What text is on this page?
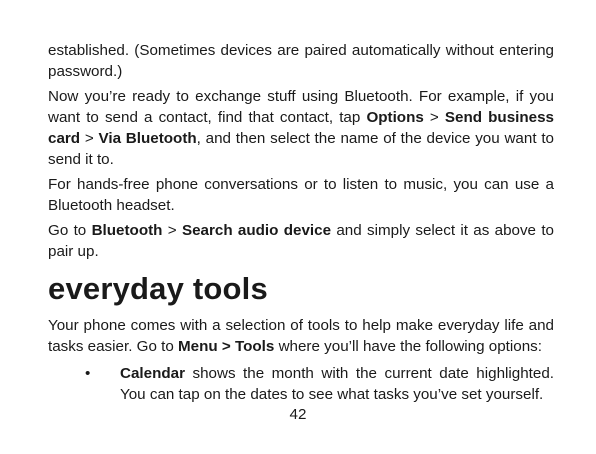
established. (Sometimes devices are paired automatically without entering password.)

Now you’re ready to exchange stuff using Bluetooth. For example, if you want to send a contact, find that contact, tap Options > Send business card > Via Bluetooth, and then select the name of the device you want to send it to.

For hands-free phone conversations or to listen to music, you can use a Bluetooth headset.

Go to Bluetooth > Search audio device and simply select it as above to pair up.

everyday tools

Your phone comes with a selection of tools to help make everyday life and tasks easier. Go to Menu > Tools where you’ll have the following options:

• Calendar shows the month with the current date highlighted. You can tap on the dates to see what tasks you’ve set yourself.
42
